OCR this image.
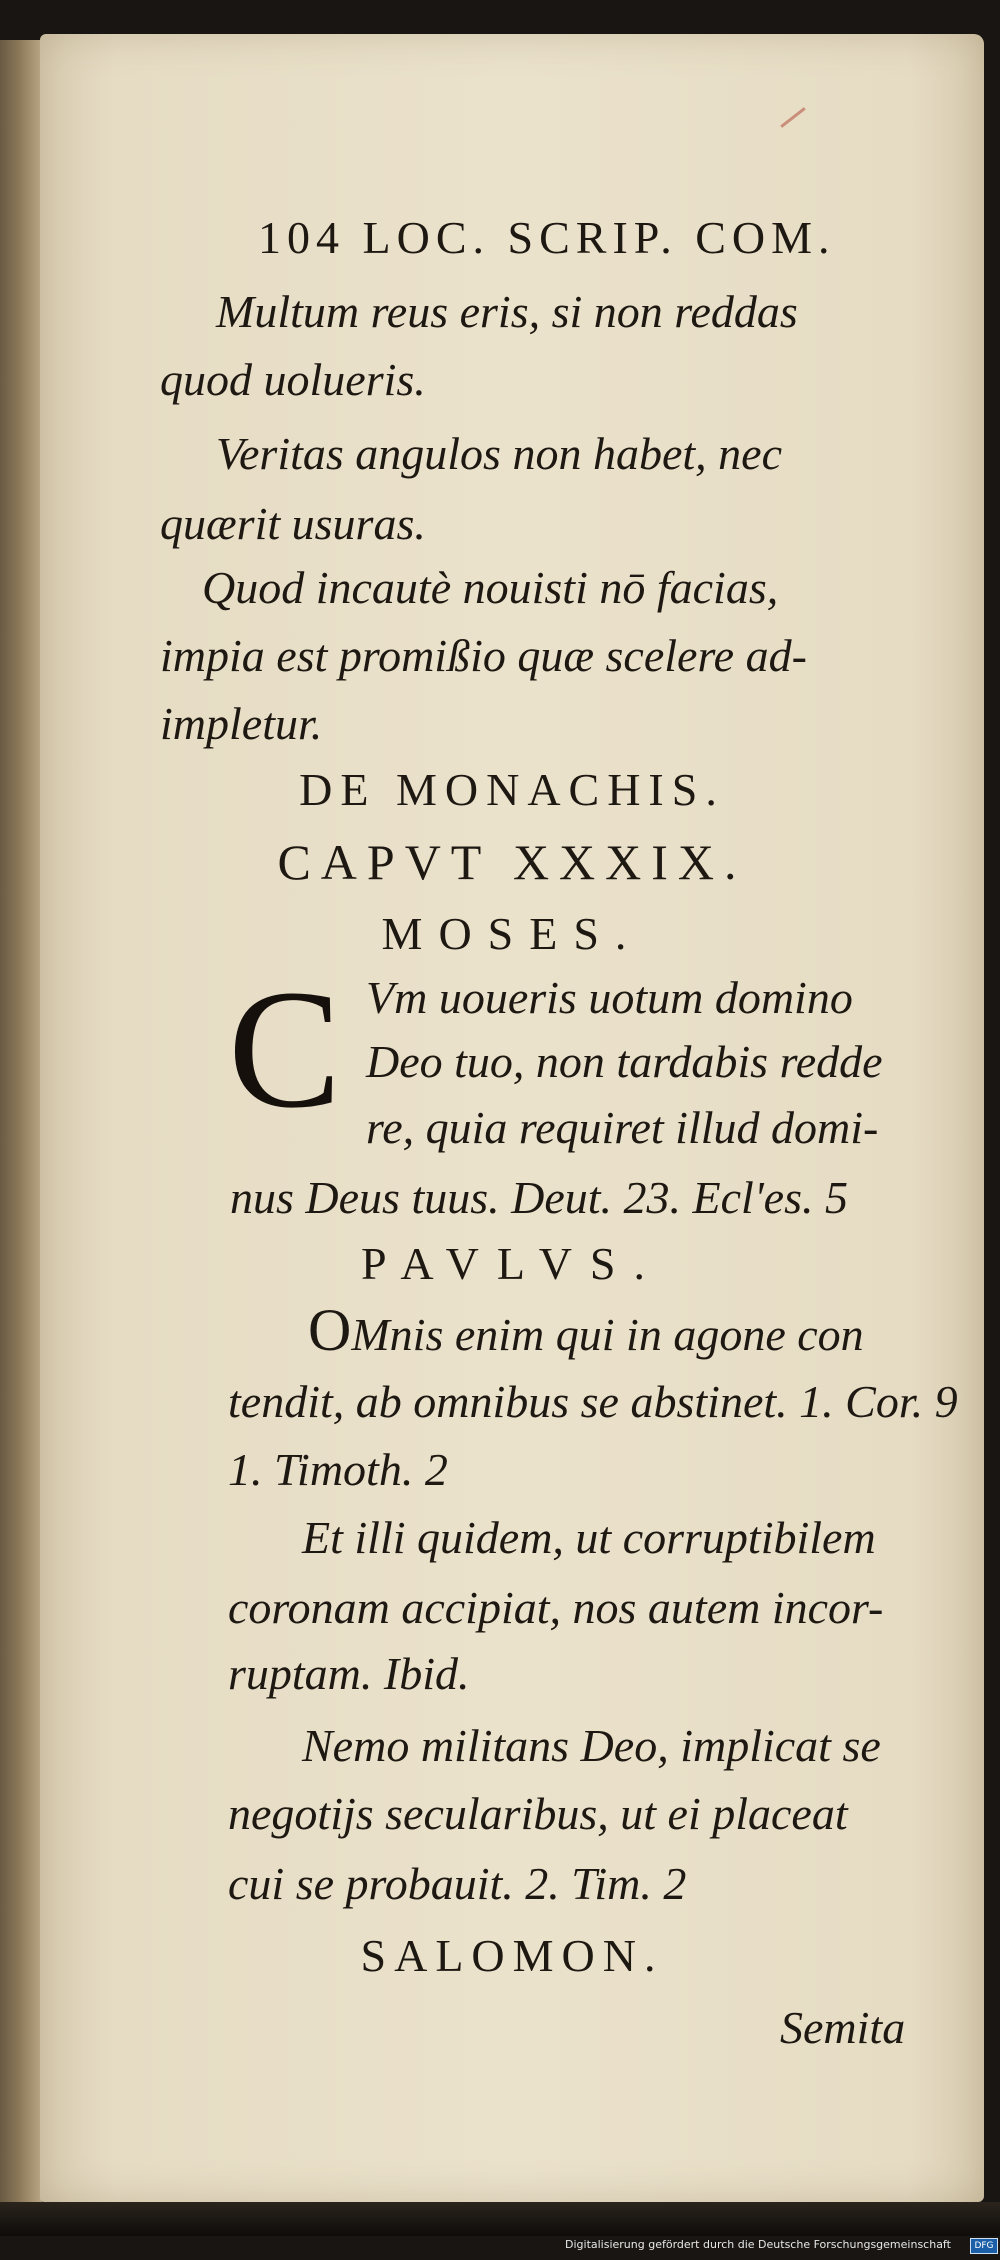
104 LOC. SCRIP. COM.

Multum reus eris, si non reddas

quod uolueris.

Veritas angulos non habet, nec

quærit usuras.

Quod incautè nouisti nō facias,

impia est promißio quæ scelere ad-

impletur.

DE MONACHIS.

CAPVT XXXIX.

MOSES.

C Vm uoueris uotum domino

Deo tuo, non tardabis redde

re, quia requiret illud domi-

nus Deus tuus. Deut. 23. Ecl'es. 5

PAVLVS.

OMnis enim qui in agone con

tendit, ab omnibus se abstinet. 1. Cor. 9

1. Timoth. 2

Et illi quidem, ut corruptibilem

coronam accipiat, nos autem incor-

ruptam. Ibid.

Nemo militans Deo, implicat se

negotijs secularibus, ut ei placeat

cui se probauit. 2. Tim. 2

SALOMON.

Semita

Digitalisierung gefördert durch die Deutsche Forschungsgemeinschaft	DFG
